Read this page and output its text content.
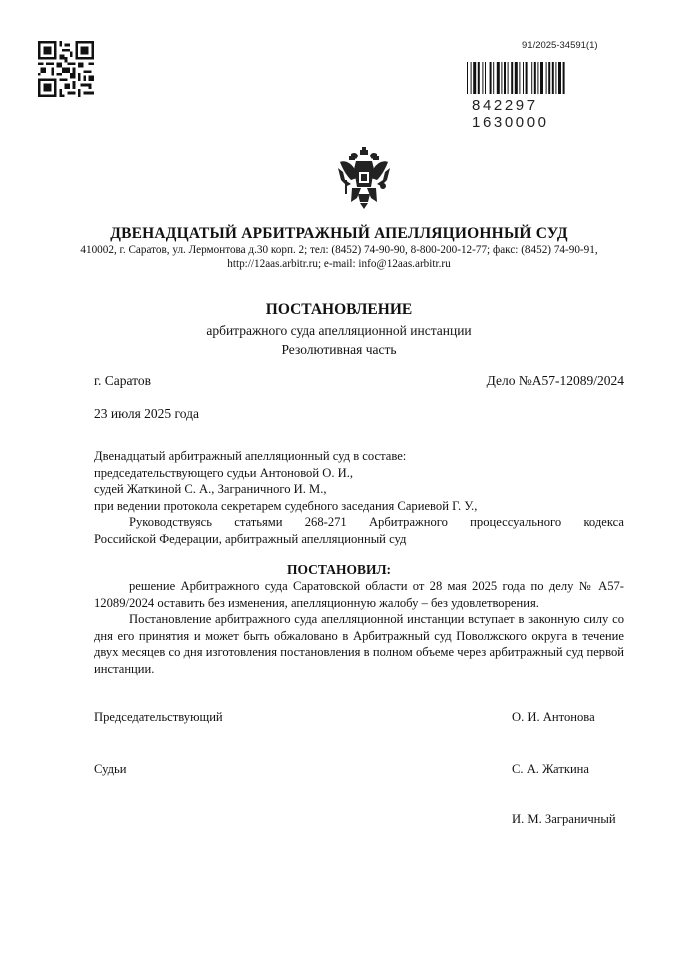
91/2025-34591(1)
842297 1630000
ДВЕНАДЦАТЫЙ АРБИТРАЖНЫЙ АПЕЛЛЯЦИОННЫЙ СУД
410002, г. Саратов, ул. Лермонтова д.30 корп. 2; тел: (8452) 74-90-90, 8-800-200-12-77; факс: (8452) 74-90-91,
http://12aas.arbitr.ru; e-mail: info@12aas.arbitr.ru
ПОСТАНОВЛЕНИЕ
арбитражного суда апелляционной инстанции
Резолютивная часть
г. Саратов	Дело №А57-12089/2024
23 июля 2025 года

Двенадцатый арбитражный апелляционный суд в составе:

председательствующего судьи Антоновой О. И.,

судей Жаткиной С. А., Заграничного И. М.,

при ведении протокола секретарем судебного заседания Сариевой Г. У.,

Руководствуясь статьями 268-271 Арбитражного процессуального кодекса

Российской Федерации, арбитражный апелляционный суд

ПОСТАНОВИЛ:

решение Арбитражного суда Саратовской области от 28 мая 2025 года по делу № А57-12089/2024 оставить без изменения, апелляционную жалобу – без удовлетворения.

Постановление арбитражного суда апелляционной инстанции вступает в законную силу со дня его принятия и может быть обжаловано в Арбитражный суд Поволжского округа в течение двух месяцев со дня изготовления постановления в полном объеме через арбитражный суд первой инстанции.

Председательствующий	О. И. Антонова
Судьи	С. А. Жаткина
И. М. Заграничный
